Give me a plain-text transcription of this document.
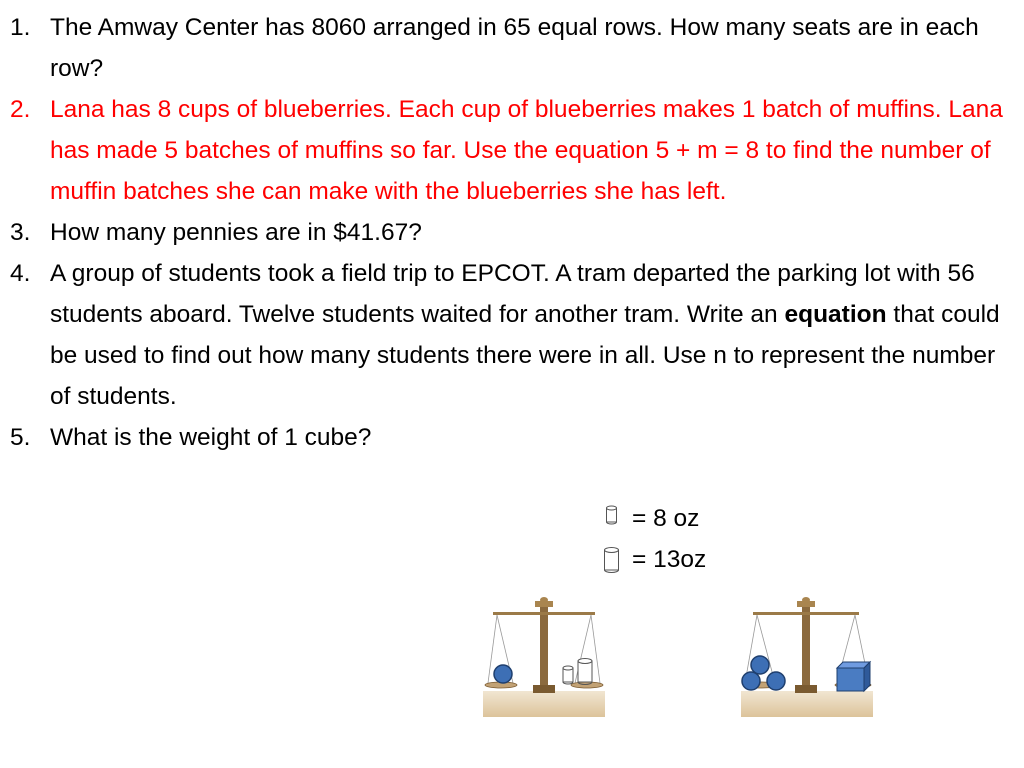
1. The Amway Center has 8060 arranged in 65 equal rows. How many seats are in each row?
2. Lana has 8 cups of blueberries. Each cup of blueberries makes 1 batch of muffins. Lana has made 5 batches of muffins so far. Use the equation 5 + m = 8 to find the number of muffin batches she can make with the blueberries she has left.
3. How many pennies are in $41.67?
4. A group of students took a field trip to EPCOT. A tram departed the parking lot with 56 students aboard. Twelve students waited for another tram. Write an equation that could be used to find out how many students there were in all. Use n to represent the number of students.
5. What is the weight of 1 cube?
= 8 oz
= 13oz
